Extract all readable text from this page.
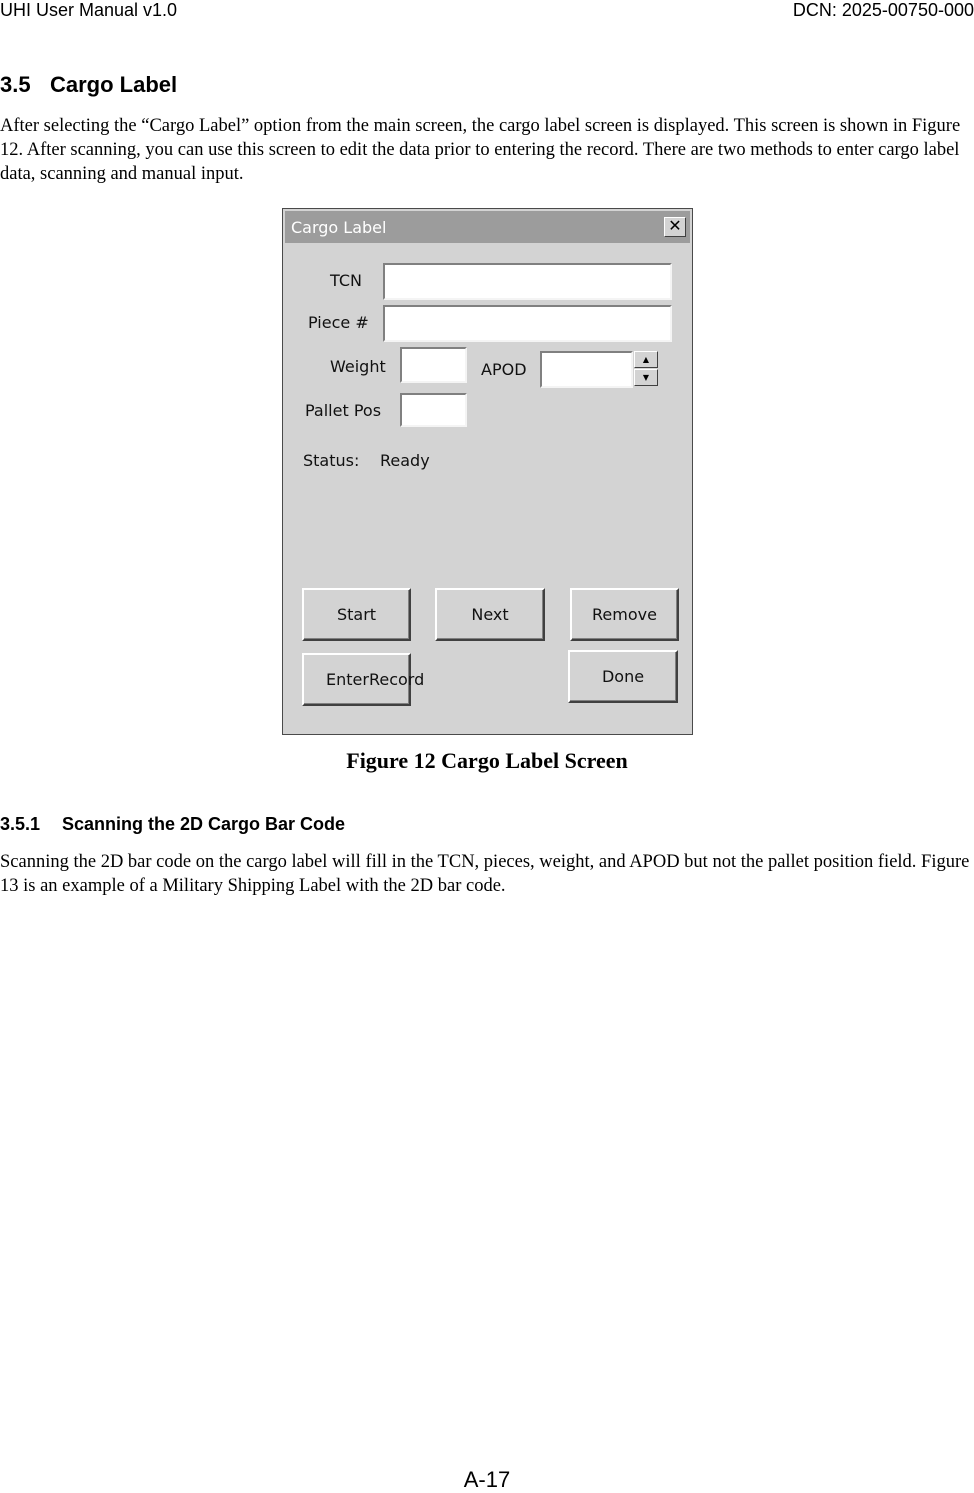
UHI User Manual v1.0	DCN: 2025-00750-000
3.5 Cargo Label
After selecting the “Cargo Label” option from the main screen, the cargo label screen is displayed. This screen is shown in Figure 12. After scanning, you can use this screen to edit the data prior to entering the record. There are two methods to enter cargo label data, scanning and manual input.
Cargo Label	✕
TCN
Piece #
Weight	APOD
▲
▼
Pallet Pos
Status: Ready
Start	Next	Remove
Enter Record	Done
Figure 12 Cargo Label Screen
3.5.1 Scanning the 2D Cargo Bar Code
Scanning the 2D bar code on the cargo label will fill in the TCN, pieces, weight, and APOD but not the pallet position field. Figure 13 is an example of a Military Shipping Label with the 2D bar code.
A-17
